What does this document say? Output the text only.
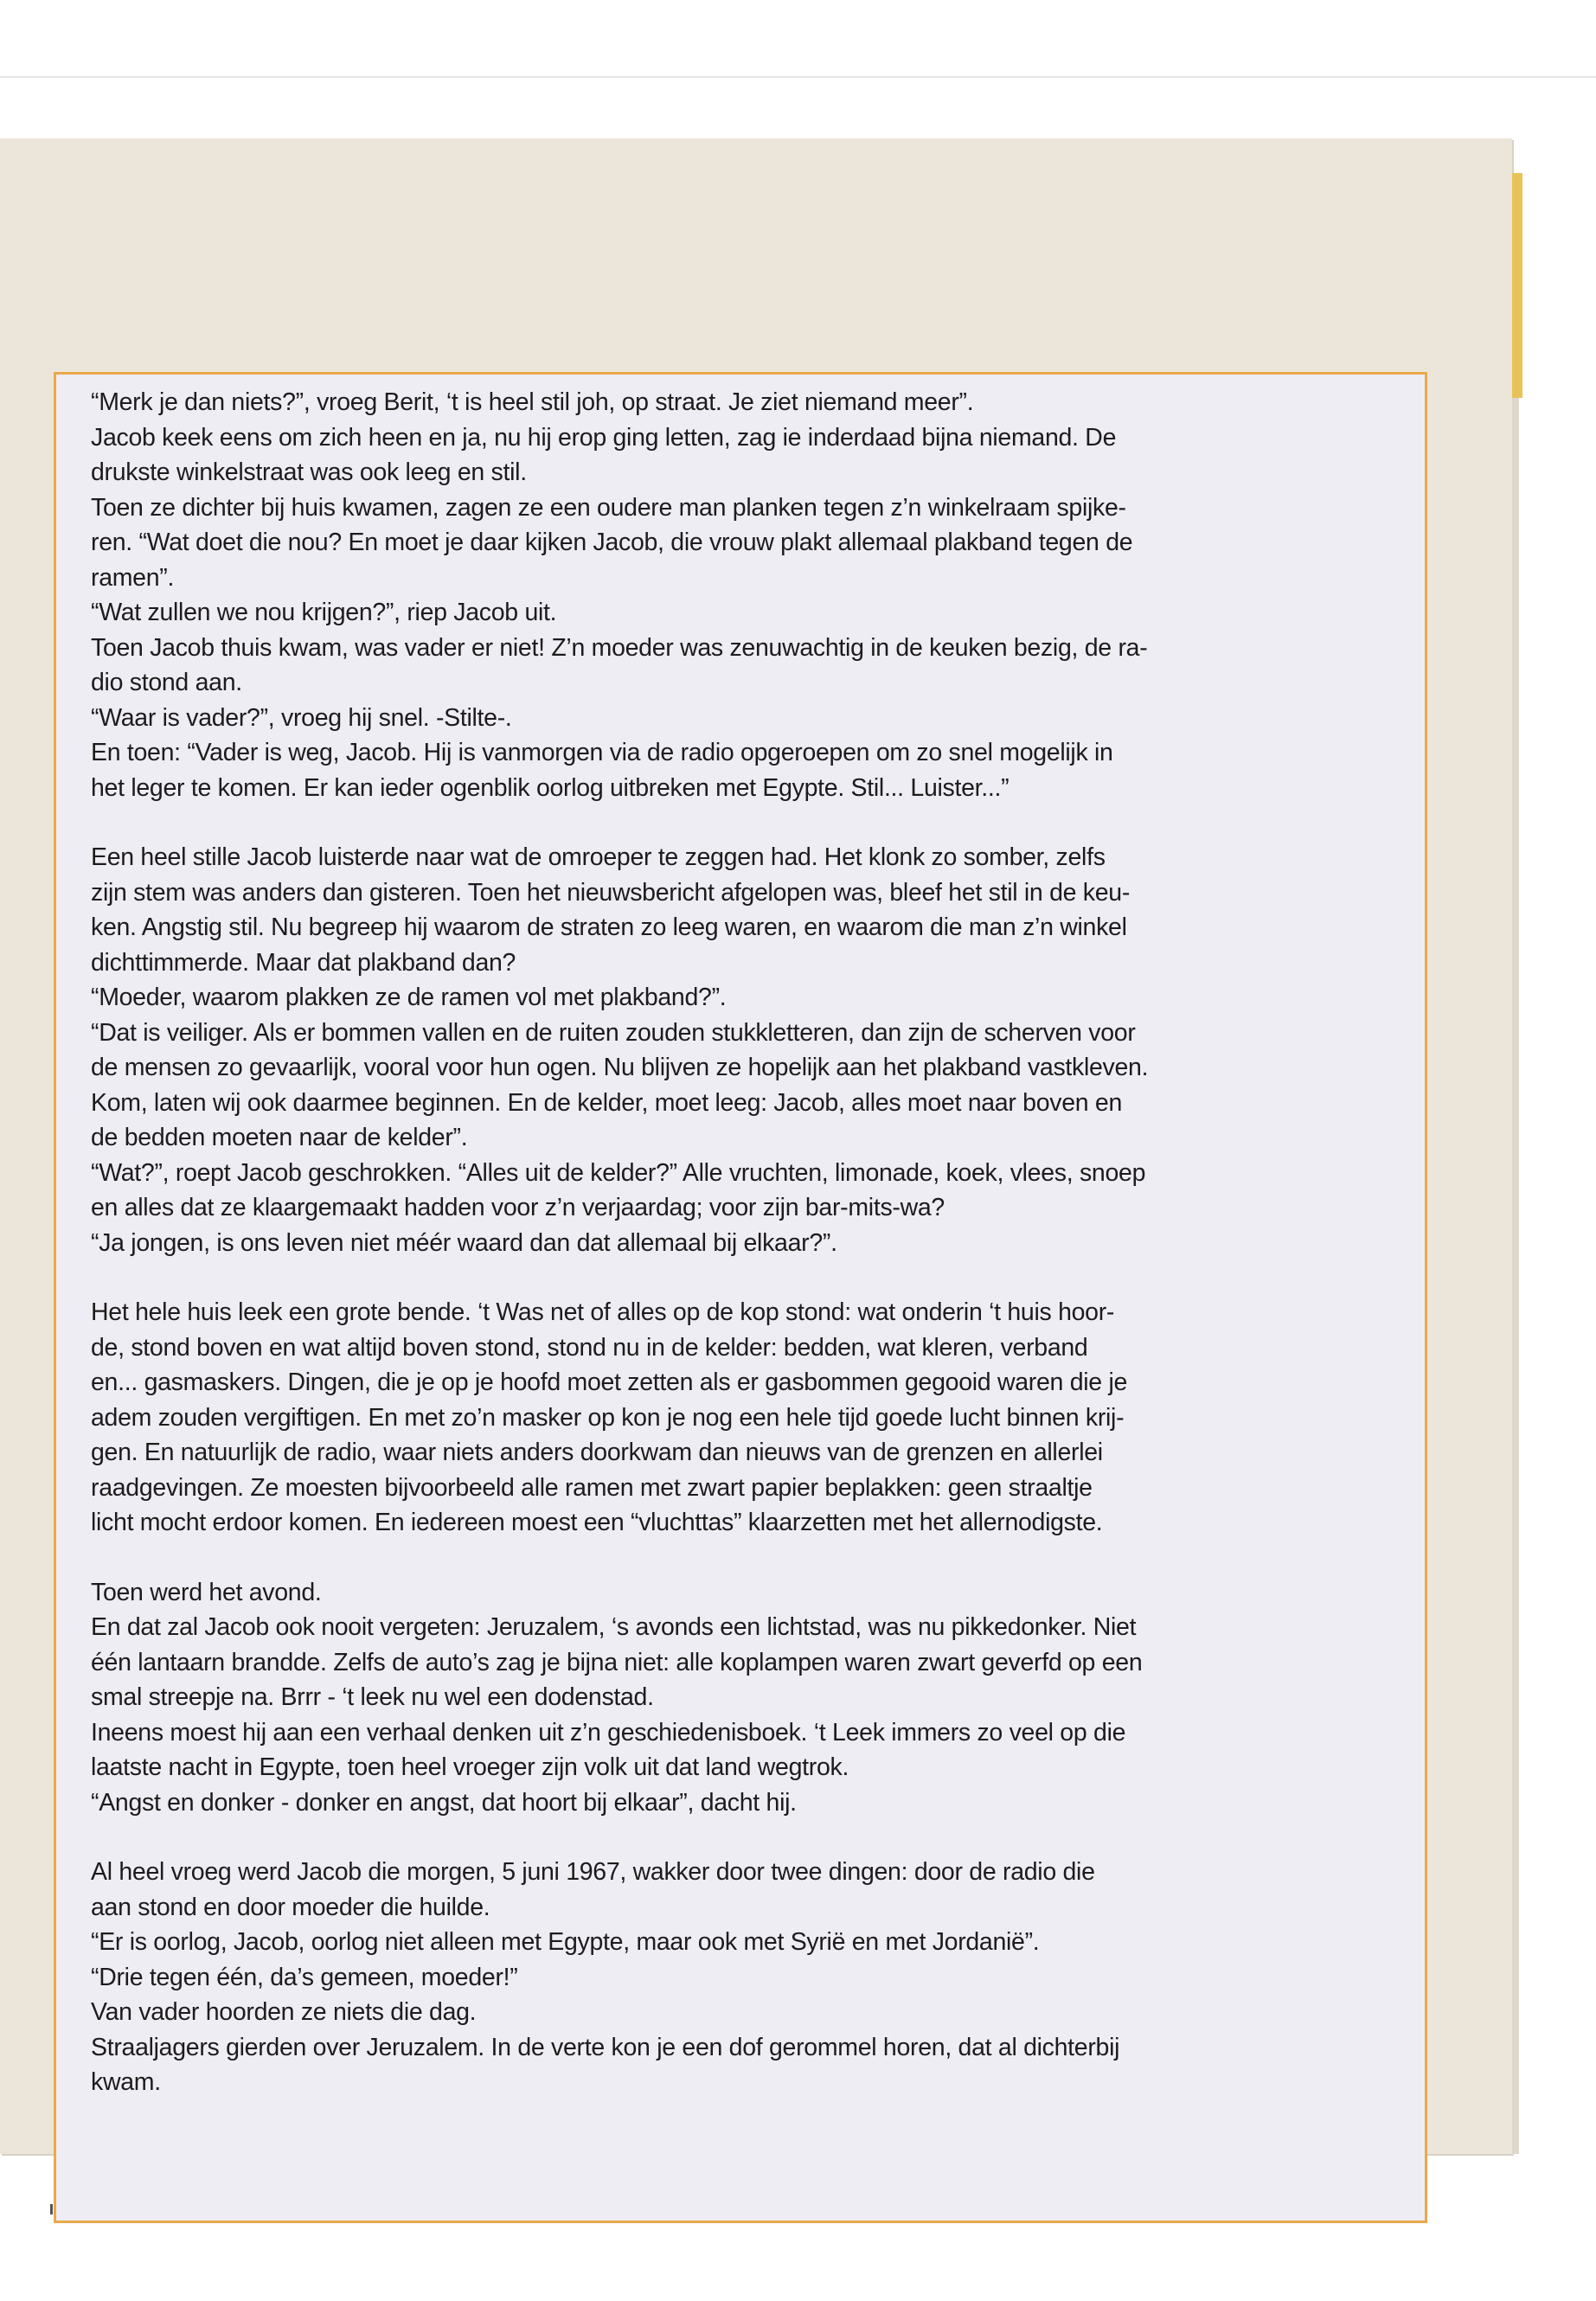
“Merk je dan niets?”, vroeg Berit, ‘t is heel stil joh, op straat. Je ziet niemand meer”.

Jacob keek eens om zich heen en ja, nu hij erop ging letten, zag ie inderdaad bijna niemand. De

drukste winkelstraat was ook leeg en stil.

Toen ze dichter bij huis kwamen, zagen ze een oudere man planken tegen z’n winkelraam spijke-

ren. “Wat doet die nou? En moet je daar kijken Jacob, die vrouw plakt allemaal plakband tegen de

ramen”.

“Wat zullen we nou krijgen?”, riep Jacob uit.

Toen Jacob thuis kwam, was vader er niet! Z’n moeder was zenuwachtig in de keuken bezig, de ra-

dio stond aan.

“Waar is vader?”, vroeg hij snel. -Stilte-.

En toen: “Vader is weg, Jacob. Hij is vanmorgen via de radio opgeroepen om zo snel mogelijk in

het leger te komen. Er kan ieder ogenblik oorlog uitbreken met Egypte. Stil... Luister...”

Een heel stille Jacob luisterde naar wat de omroeper te zeggen had. Het klonk zo somber, zelfs

zijn stem was anders dan gisteren. Toen het nieuwsbericht afgelopen was, bleef het stil in de keu-

ken. Angstig stil. Nu begreep hij waarom de straten zo leeg waren, en waarom die man z’n winkel

dichttimmerde. Maar dat plakband dan?

“Moeder, waarom plakken ze de ramen vol met plakband?”.

“Dat is veiliger. Als er bommen vallen en de ruiten zouden stukkletteren, dan zijn de scherven voor

de mensen zo gevaarlijk, vooral voor hun ogen. Nu blijven ze hopelijk aan het plakband vastkleven.

Kom, laten wij ook daarmee beginnen. En de kelder, moet leeg: Jacob, alles moet naar boven en

de bedden moeten naar de kelder”.

“Wat?”, roept Jacob geschrokken. “Alles uit de kelder?” Alle vruchten, limonade, koek, vlees, snoep

en alles dat ze klaargemaakt hadden voor z’n verjaardag; voor zijn bar-mits-wa?

“Ja jongen, is ons leven niet méér waard dan dat allemaal bij elkaar?”.

Het hele huis leek een grote bende. ‘t Was net of alles op de kop stond: wat onderin ‘t huis hoor-

de, stond boven en wat altijd boven stond, stond nu in de kelder: bedden, wat kleren, verband

en... gasmaskers. Dingen, die je op je hoofd moet zetten als er gasbommen gegooid waren die je

adem zouden vergiftigen. En met zo’n masker op kon je nog een hele tijd goede lucht binnen krij-

gen. En natuurlijk de radio, waar niets anders doorkwam dan nieuws van de grenzen en allerlei

raadgevingen. Ze moesten bijvoorbeeld alle ramen met zwart papier beplakken: geen straaltje

licht mocht erdoor komen. En iedereen moest een “vluchttas” klaarzetten met het allernodigste.

Toen werd het avond.

En dat zal Jacob ook nooit vergeten: Jeruzalem, ‘s avonds een lichtstad, was nu pikkedonker. Niet

één lantaarn brandde. Zelfs de auto’s zag je bijna niet: alle koplampen waren zwart geverfd op een

smal streepje na. Brrr - ‘t leek nu wel een dodenstad.

Ineens moest hij aan een verhaal denken uit z’n geschiedenisboek. ‘t Leek immers zo veel op die

laatste nacht in Egypte, toen heel vroeger zijn volk uit dat land wegtrok.

“Angst en donker - donker en angst, dat hoort bij elkaar”, dacht hij.

Al heel vroeg werd Jacob die morgen, 5 juni 1967, wakker door twee dingen: door de radio die

aan stond en door moeder die huilde.

“Er is oorlog, Jacob, oorlog niet alleen met Egypte, maar ook met Syrië en met Jordanië”.

“Drie tegen één, da’s gemeen, moeder!”

Van vader hoorden ze niets die dag.

Straaljagers gierden over Jeruzalem. In de verte kon je een dof gerommel horen, dat al dichterbij

kwam.
